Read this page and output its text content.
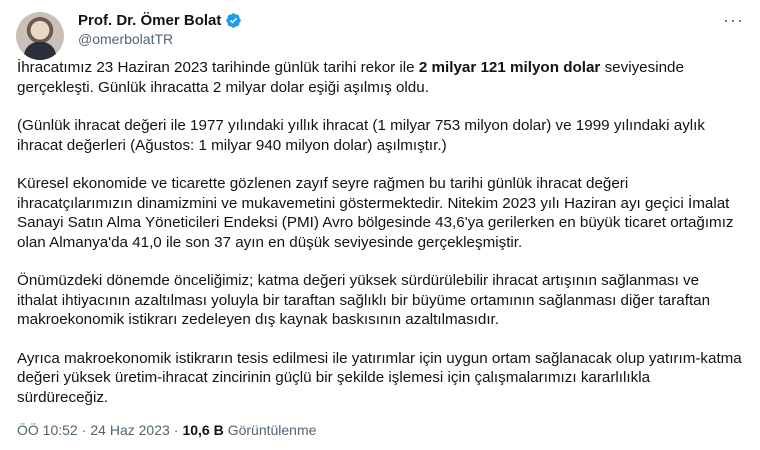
Prof. Dr. Ömer Bolat
@omerbolatTR
···

İhracatımız 23 Haziran 2023 tarihinde günlük tarihi rekor ile 2 milyar 121 milyon dolar seviyesinde gerçekleşti. Günlük ihracatta 2 milyar dolar eşiği aşılmış oldu.

(Günlük ihracat değeri ile 1977 yılındaki yıllık ihracat (1 milyar 753 milyon dolar) ve 1999 yılındaki aylık ihracat değerleri (Ağustos: 1 milyar 940 milyon dolar) aşılmıştır.)

Küresel ekonomide ve ticarette gözlenen zayıf seyre rağmen bu tarihi günlük ihracat değeri ihracatçılarımızın dinamizmini ve mukavemetini göstermektedir. Nitekim 2023 yılı Haziran ayı geçici İmalat Sanayi Satın Alma Yöneticileri Endeksi (PMI) Avro bölgesinde 43,6'ya gerilerken en büyük ticaret ortağımız olan Almanya'da 41,0 ile son 37 ayın en düşük seviyesinde gerçekleşmiştir.

Önümüzdeki dönemde önceliğimiz; katma değeri yüksek sürdürülebilir ihracat artışının sağlanması ve ithalat ihtiyacının azaltılması yoluyla bir taraftan sağlıklı bir büyüme ortamının sağlanması diğer taraftan makroekonomik istikrarı zedeleyen dış kaynak baskısının azaltılmasıdır.

Ayrıca makroekonomik istikrarın tesis edilmesi ile yatırımlar için uygun ortam sağlanacak olup yatırım-katma değeri yüksek üretim-ihracat zincirinin güçlü bir şekilde işlemesi için çalışmalarımızı kararlılıkla sürdüreceğiz.

ÖÖ 10:52 · 24 Haz 2023 · 10,6 B Görüntülenme
